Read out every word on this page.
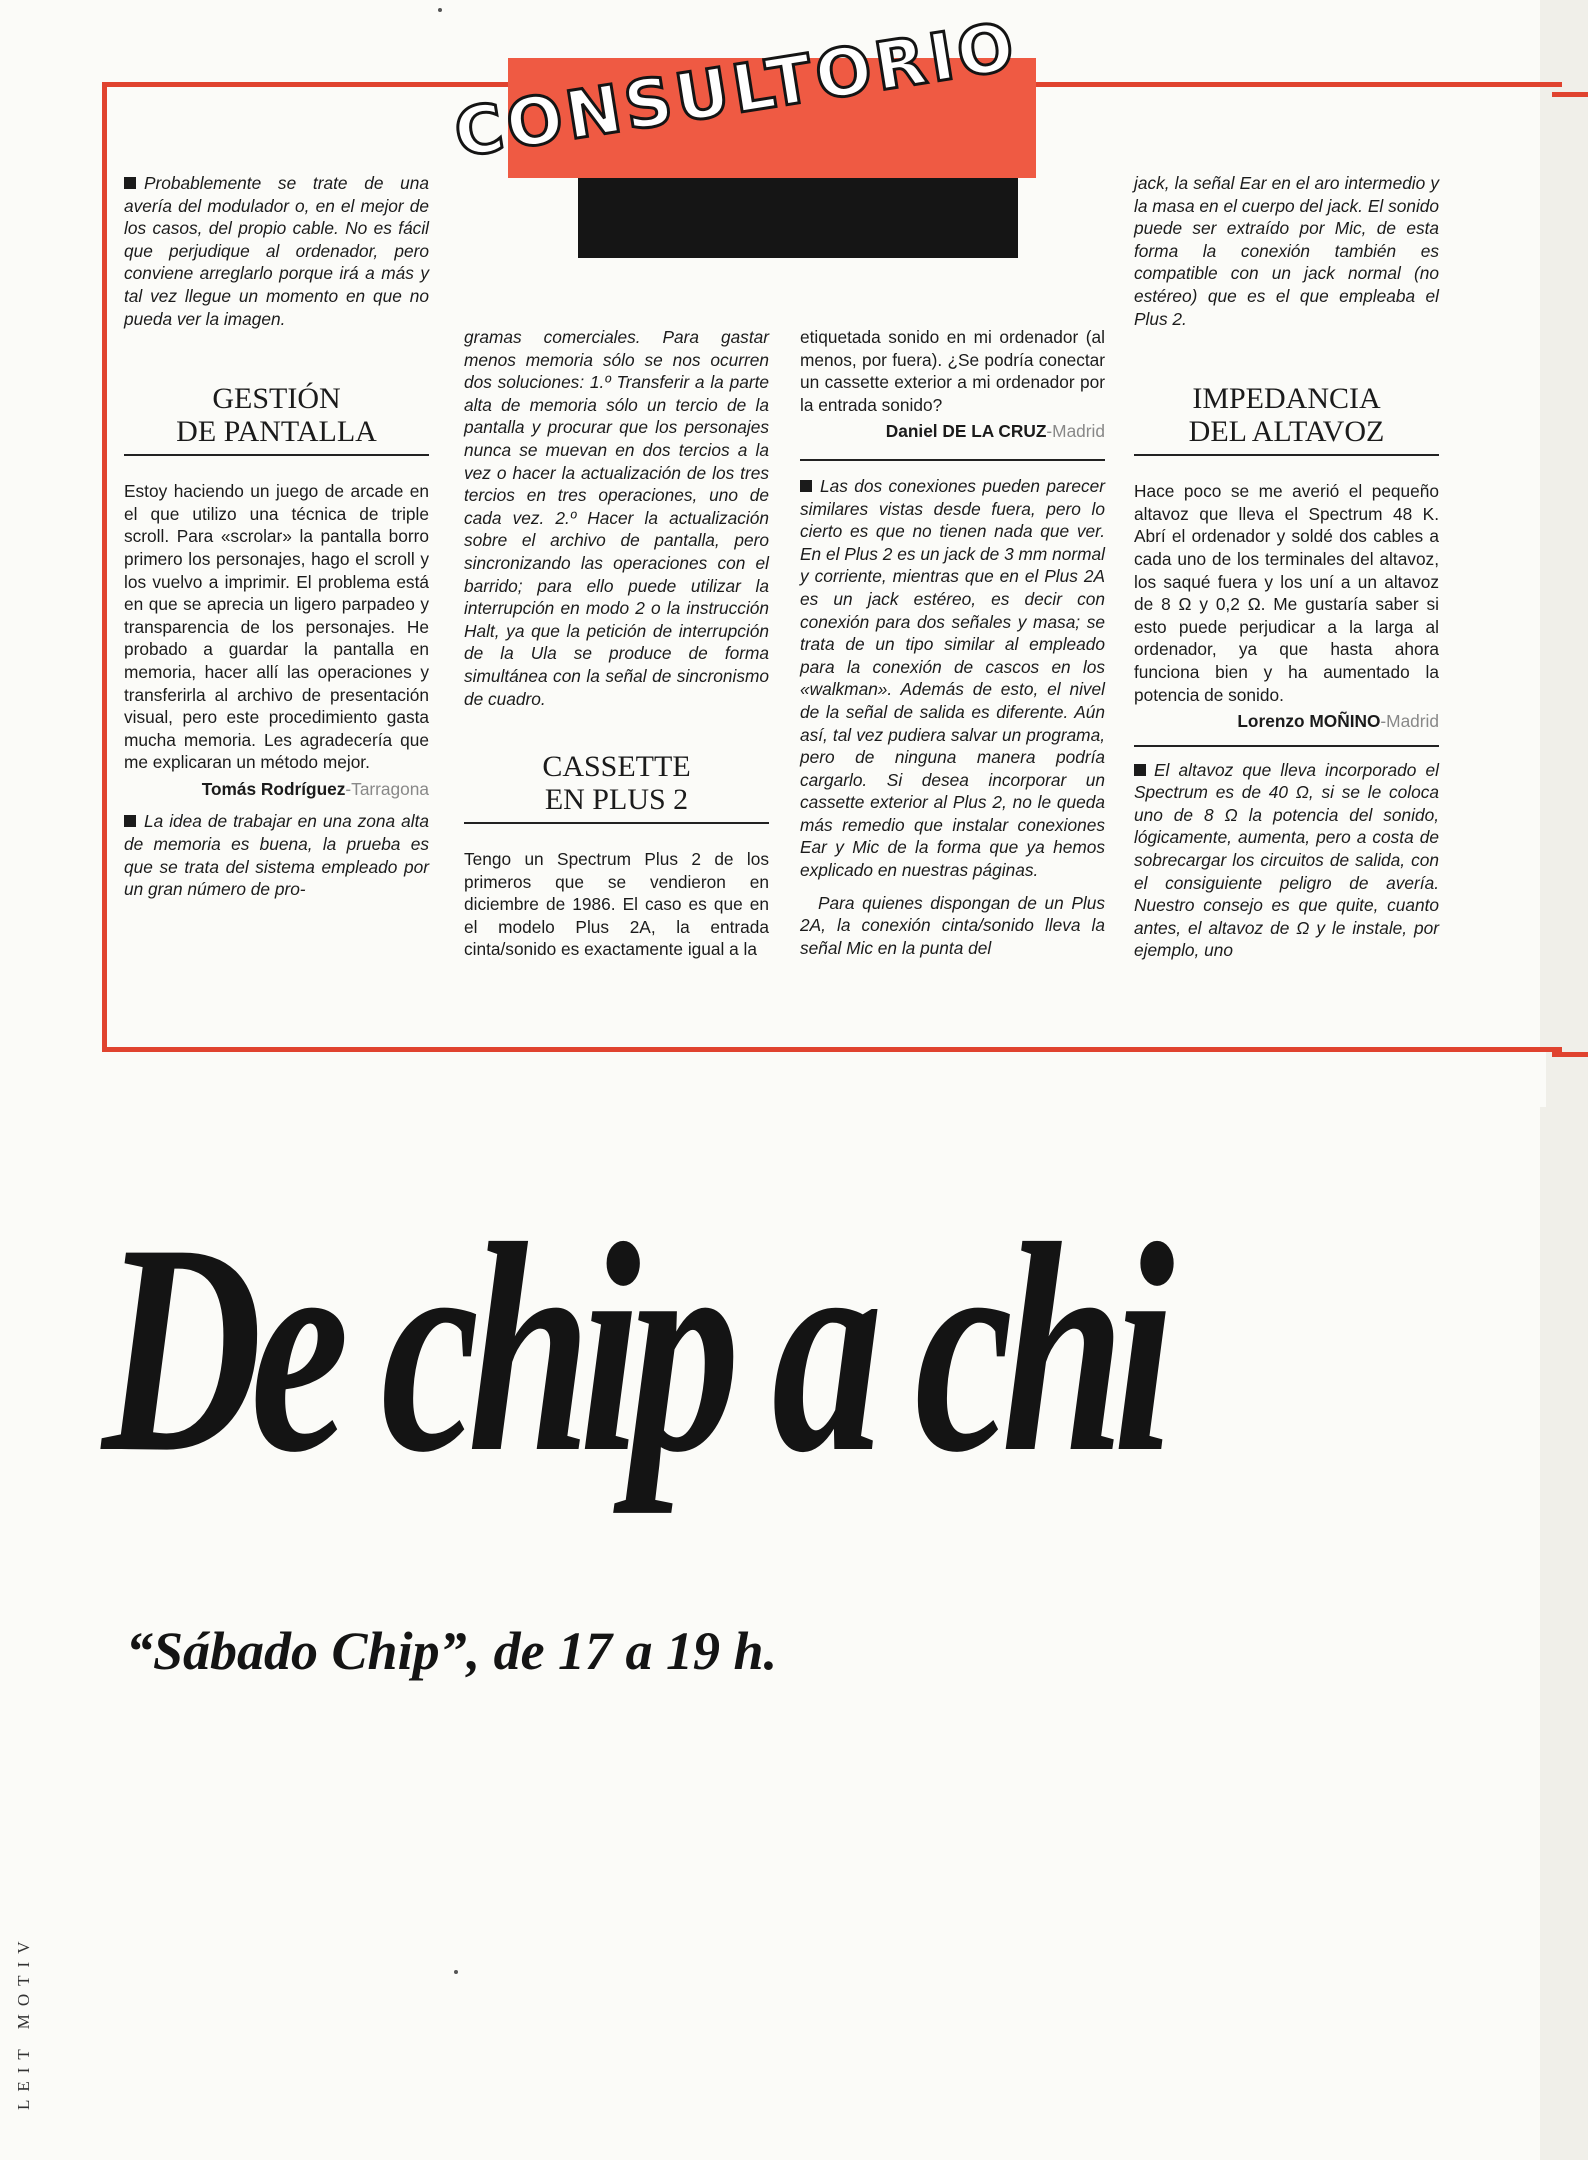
CONSULTORIO

Probablemente se trate de una avería del modulador o, en el mejor de los casos, del propio cable. No es fácil que perjudique al ordenador, pero conviene arreglarlo porque irá a más y tal vez llegue un momento en que no pueda ver la imagen.

GESTIÓN
DE PANTALLA

Estoy haciendo un juego de arcade en el que utilizo una técnica de triple scroll. Para «scrolar» la pantalla borro primero los personajes, hago el scroll y los vuelvo a imprimir. El problema está en que se aprecia un ligero parpadeo y transparencia de los personajes. He probado a guardar la pantalla en memoria, hacer allí las operaciones y transferirla al archivo de presentación visual, pero este procedimiento gasta mucha memoria. Les agradecería que me explicaran un método mejor.

Tomás Rodríguez-Tarragona

La idea de trabajar en una zona alta de memoria es buena, la prueba es que se trata del sistema empleado por un gran número de pro-

gramas comerciales. Para gastar menos memoria sólo se nos ocurren dos soluciones: 1.º Transferir a la parte alta de memoria sólo un tercio de la pantalla y procurar que los personajes nunca se muevan en dos tercios a la vez o hacer la actualización de los tres tercios en tres operaciones, uno de cada vez. 2.º Hacer la actualización sobre el archivo de pantalla, pero sincronizando las operaciones con el barrido; para ello puede utilizar la interrupción en modo 2 o la instrucción Halt, ya que la petición de interrupción de la Ula se produce de forma simultánea con la señal de sincronismo de cuadro.

CASSETTE
EN PLUS 2

Tengo un Spectrum Plus 2 de los primeros que se vendieron en diciembre de 1986. El caso es que en el modelo Plus 2A, la entrada cinta/sonido es exactamente igual a la

etiquetada sonido en mi ordenador (al menos, por fuera). ¿Se podría conectar un cassette exterior a mi ordenador por la entrada sonido?

Daniel DE LA CRUZ-Madrid

Las dos conexiones pueden parecer similares vistas desde fuera, pero lo cierto es que no tienen nada que ver. En el Plus 2 es un jack de 3 mm normal y corriente, mientras que en el Plus 2A es un jack estéreo, es decir con conexión para dos señales y masa; se trata de un tipo similar al empleado para la conexión de cascos en los «walkman». Además de esto, el nivel de la señal de salida es diferente. Aún así, tal vez pudiera salvar un programa, pero de ninguna manera podría cargarlo. Si desea incorporar un cassette exterior al Plus 2, no le queda más remedio que instalar conexiones Ear y Mic de la forma que ya hemos explicado en nuestras páginas.

Para quienes dispongan de un Plus 2A, la conexión cinta/sonido lleva la señal Mic en la punta del

jack, la señal Ear en el aro intermedio y la masa en el cuerpo del jack. El sonido puede ser extraído por Mic, de esta forma la conexión también es compatible con un jack normal (no estéreo) que es el que empleaba el Plus 2.

IMPEDANCIA
DEL ALTAVOZ

Hace poco se me averió el pequeño altavoz que lleva el Spectrum 48 K. Abrí el ordenador y soldé dos cables a cada uno de los terminales del altavoz, los saqué fuera y los uní a un altavoz de 8 Ω y 0,2 Ω. Me gustaría saber si esto puede perjudicar a la larga al ordenador, ya que hasta ahora funciona bien y ha aumentado la potencia de sonido.

Lorenzo MOÑINO-Madrid

El altavoz que lleva incorporado el Spectrum es de 40 Ω, si se le coloca uno de 8 Ω la potencia del sonido, lógicamente, aumenta, pero a costa de sobrecargar los circuitos de salida, con el consiguiente peligro de avería. Nuestro consejo es que quite, cuanto antes, el altavoz de Ω y le instale, por ejemplo, uno

De chip a chi
“Sábado Chip”, de 17 a 19 h.
LEIT MOTIV
